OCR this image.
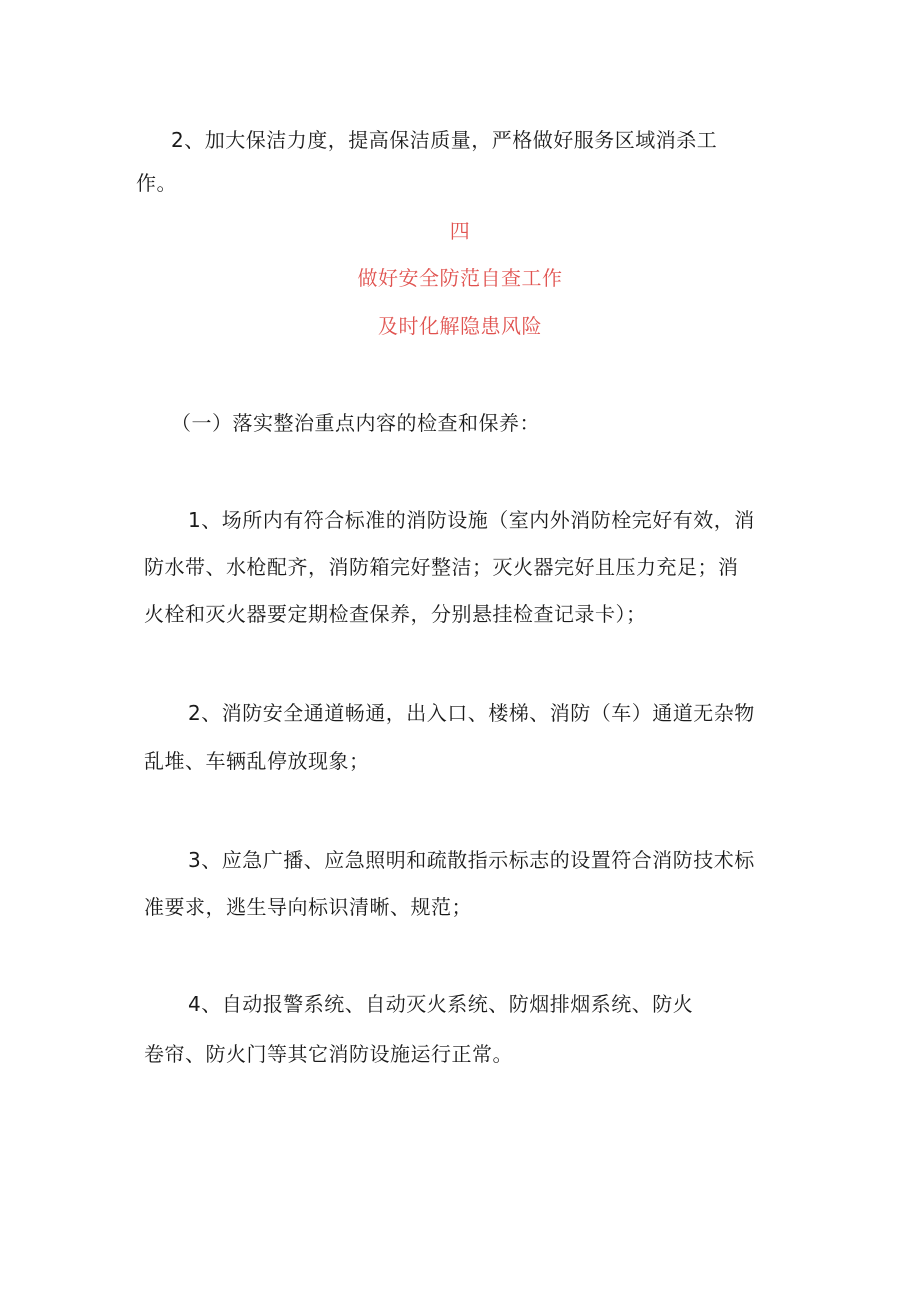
2、加大保洁力度，提高保洁质量，严格做好服务区域消杀工
作。
四
做好安全防范自查工作
及时化解隐患风险
（一）落实整治重点内容的检查和保养：
1、场所内有符合标准的消防设施（室内外消防栓完好有效，消
防水带、水枪配齐，消防箱完好整洁；灭火器完好且压力充足；消
火栓和灭火器要定期检查保养，分别悬挂检查记录卡）；
2、消防安全通道畅通，出入口、楼梯、消防（车）通道无杂物
乱堆、车辆乱停放现象；
3、应急广播、应急照明和疏散指示标志的设置符合消防技术标
准要求，逃生导向标识清晰、规范；
4、自动报警系统、自动灭火系统、防烟排烟系统、防火
卷帘、防火门等其它消防设施运行正常。
